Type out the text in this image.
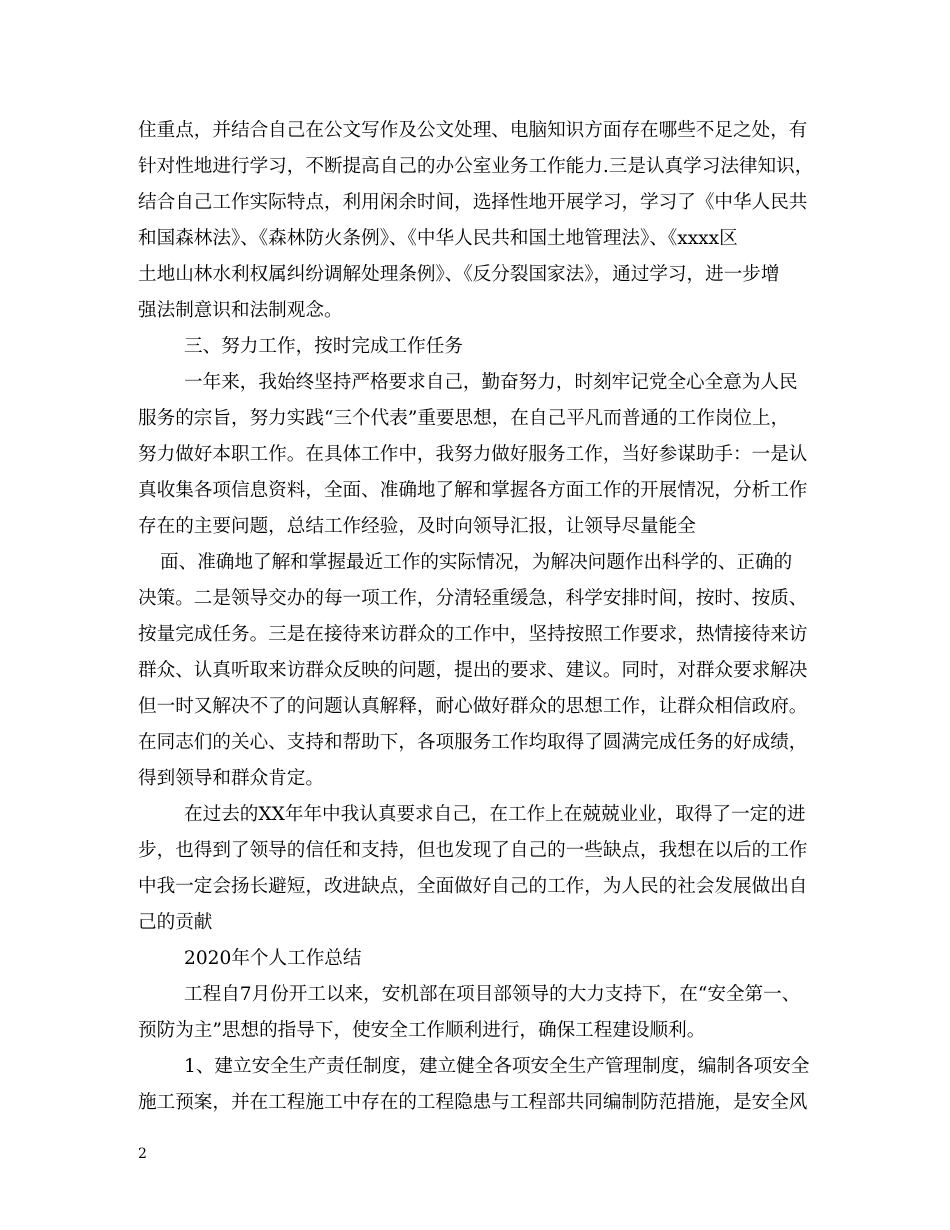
住重点，并结合自己在公文写作及公文处理、电脑知识方面存在哪些不足之处，有
针对性地进行学习，不断提高自己的办公室业务工作能力.三是认真学习法律知识，
结合自己工作实际特点，利用闲余时间，选择性地开展学习，学习了《中华人民共
和国森林法》、《森林防火条例》、《中华人民共和国土地管理法》、《xxxx区
土地山林水利权属纠纷调解处理条例》、《反分裂国家法》，通过学习，进一步增
强法制意识和法制观念。
三、努力工作，按时完成工作任务
一年来，我始终坚持严格要求自己，勤奋努力，时刻牢记党全心全意为人民
服务的宗旨，努力实践“三个代表”重要思想，在自己平凡而普通的工作岗位上，
努力做好本职工作。在具体工作中，我努力做好服务工作，当好参谋助手：一是认
真收集各项信息资料，全面、准确地了解和掌握各方面工作的开展情况，分析工作
存在的主要问题，总结工作经验，及时向领导汇报，让领导尽量能全
面、准确地了解和掌握最近工作的实际情况，为解决问题作出科学的、正确的
决策。二是领导交办的每一项工作，分清轻重缓急，科学安排时间，按时、按质、
按量完成任务。三是在接待来访群众的工作中，坚持按照工作要求，热情接待来访
群众、认真听取来访群众反映的问题，提出的要求、建议。同时，对群众要求解决
但一时又解决不了的问题认真解释，耐心做好群众的思想工作，让群众相信政府。
在同志们的关心、支持和帮助下，各项服务工作均取得了圆满完成任务的好成绩，
得到领导和群众肯定。
在过去的XX年年中我认真要求自己，在工作上在兢兢业业，取得了一定的进
步，也得到了领导的信任和支持，但也发现了自己的一些缺点，我想在以后的工作
中我一定会扬长避短，改进缺点，全面做好自己的工作，为人民的社会发展做出自
己的贡献
2020年个人工作总结
工程自7月份开工以来，安机部在项目部领导的大力支持下，在“安全第一、
预防为主”思想的指导下，使安全工作顺利进行，确保工程建设顺利。
1、建立安全生产责任制度，建立健全各项安全生产管理制度，编制各项安全
施工预案，并在工程施工中存在的工程隐患与工程部共同编制防范措施，是安全风
2
